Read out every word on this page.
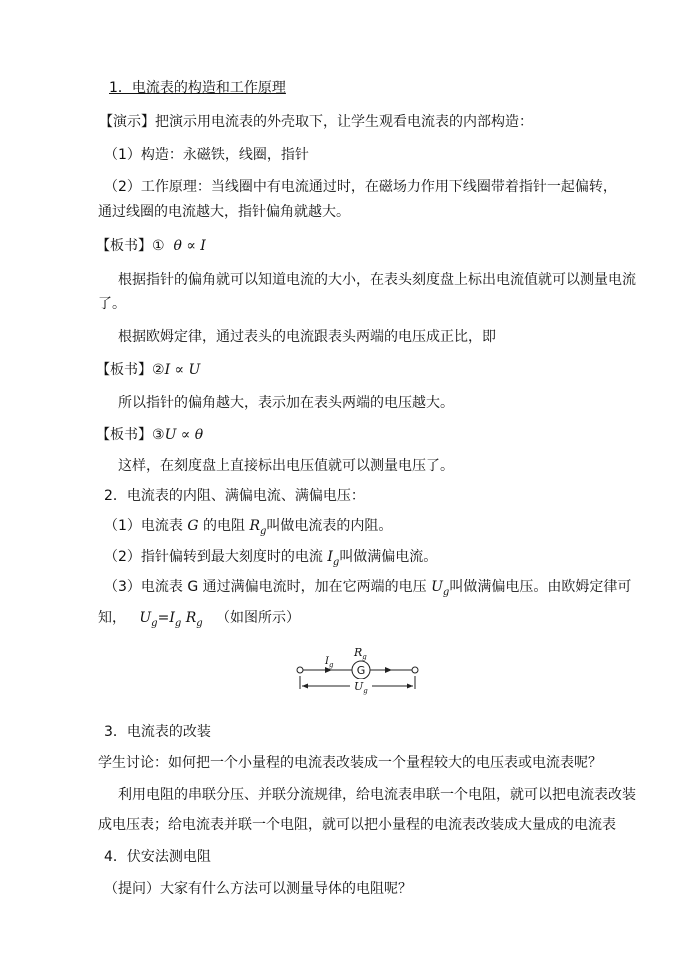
1．电流表的构造和工作原理
【演示】把演示用电流表的外壳取下，让学生观看电流表的内部构造：
（1）构造：永磁铁，线圈，指针
（2）工作原理：当线圈中有电流通过时，在磁场力作用下线圈带着指针一起偏转，
通过线圈的电流越大，指针偏角就越大。
【板书】① θ ∝ I
根据指针的偏角就可以知道电流的大小，在表头刻度盘上标出电流值就可以测量电流
了。
根据欧姆定律，通过表头的电流跟表头两端的电压成正比，即
【板书】②I ∝ U
所以指针的偏角越大，表示加在表头两端的电压越大。
【板书】③U ∝ θ
这样，在刻度盘上直接标出电压值就可以测量电压了。
2．电流表的内阻、满偏电流、满偏电压：
（1）电流表 G 的电阻 $R_g$叫做电流表的内阻。
（2）指针偏转到最大刻度时的电流 $I_g$叫做满偏电流。
（3）电流表 G 通过满偏电流时，加在它两端的电压 $U_g$叫做满偏电压。由欧姆定律可
知， $U_g=I_g$ $R_g$ （如图所示）
G
$R_g$
$I_g$
$U_g$
3．电流表的改装
学生讨论：如何把一个小量程的电流表改装成一个量程较大的电压表或电流表呢？
利用电阻的串联分压、并联分流规律，给电流表串联一个电阻，就可以把电流表改装
成电压表；给电流表并联一个电阻，就可以把小量程的电流表改装成大量成的电流表
4．伏安法测电阻
（提问）大家有什么方法可以测量导体的电阻呢？
